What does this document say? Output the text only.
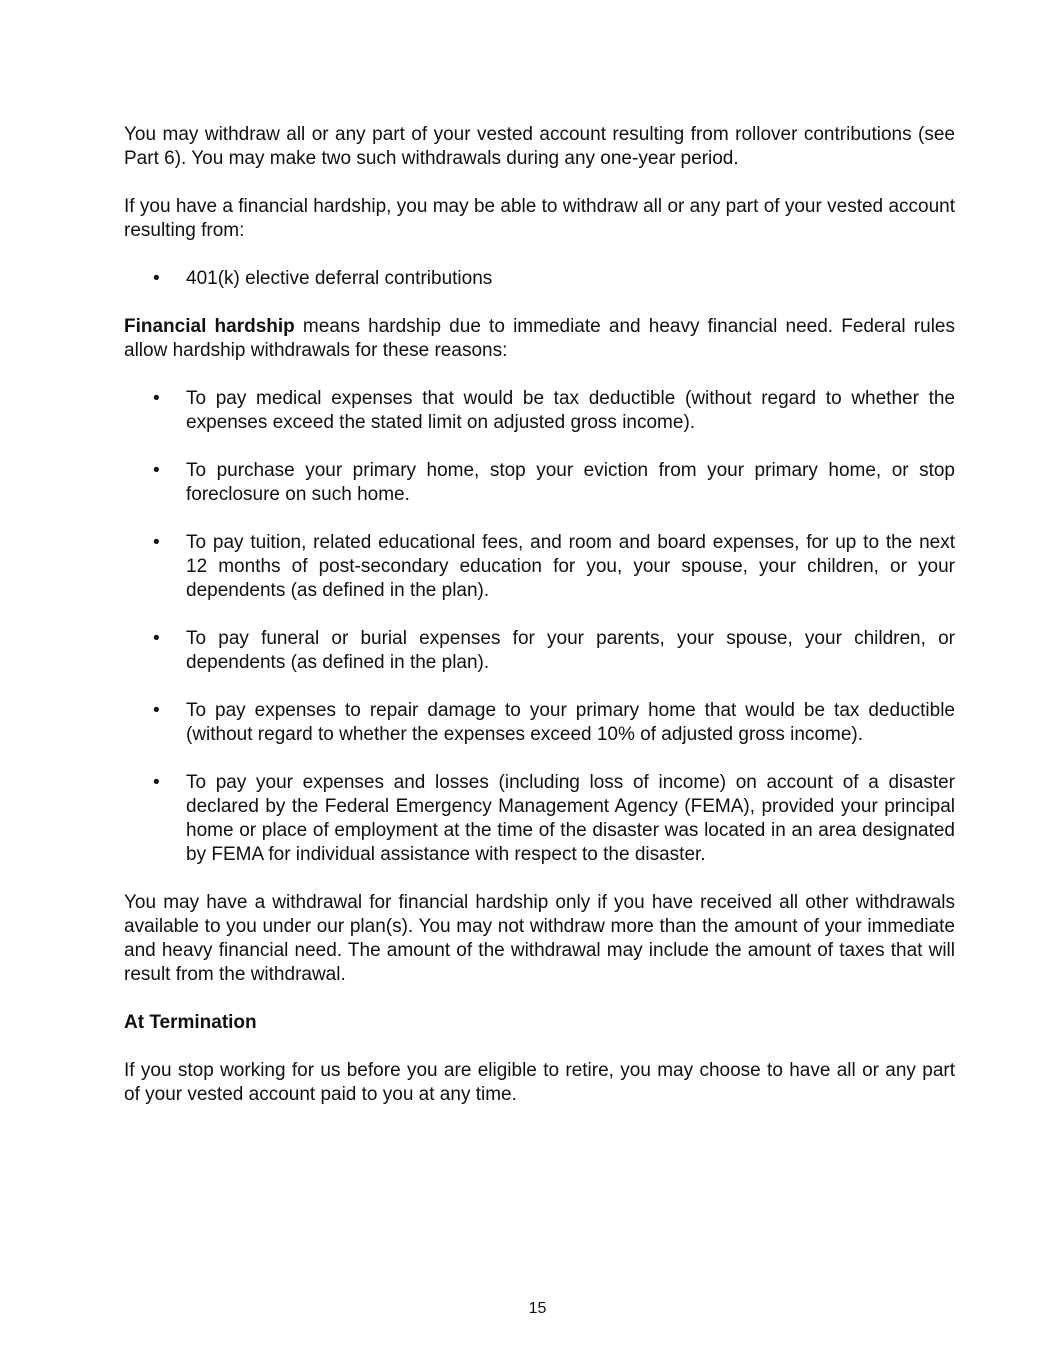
You may withdraw all or any part of your vested account resulting from rollover contributions (see Part 6). You may make two such withdrawals during any one-year period.

If you have a financial hardship, you may be able to withdraw all or any part of your vested account resulting from:

• 401(k) elective deferral contributions

Financial hardship means hardship due to immediate and heavy financial need. Federal rules allow hardship withdrawals for these reasons:

• To pay medical expenses that would be tax deductible (without regard to whether the expenses exceed the stated limit on adjusted gross income).
• To purchase your primary home, stop your eviction from your primary home, or stop foreclosure on such home.
• To pay tuition, related educational fees, and room and board expenses, for up to the next 12 months of post-secondary education for you, your spouse, your children, or your dependents (as defined in the plan).
• To pay funeral or burial expenses for your parents, your spouse, your children, or dependents (as defined in the plan).
• To pay expenses to repair damage to your primary home that would be tax deductible (without regard to whether the expenses exceed 10% of adjusted gross income).
• To pay your expenses and losses (including loss of income) on account of a disaster declared by the Federal Emergency Management Agency (FEMA), provided your principal home or place of employment at the time of the disaster was located in an area designated by FEMA for individual assistance with respect to the disaster.

You may have a withdrawal for financial hardship only if you have received all other withdrawals available to you under our plan(s). You may not withdraw more than the amount of your immediate and heavy financial need. The amount of the withdrawal may include the amount of taxes that will result from the withdrawal.

At Termination

If you stop working for us before you are eligible to retire, you may choose to have all or any part of your vested account paid to you at any time.

15
